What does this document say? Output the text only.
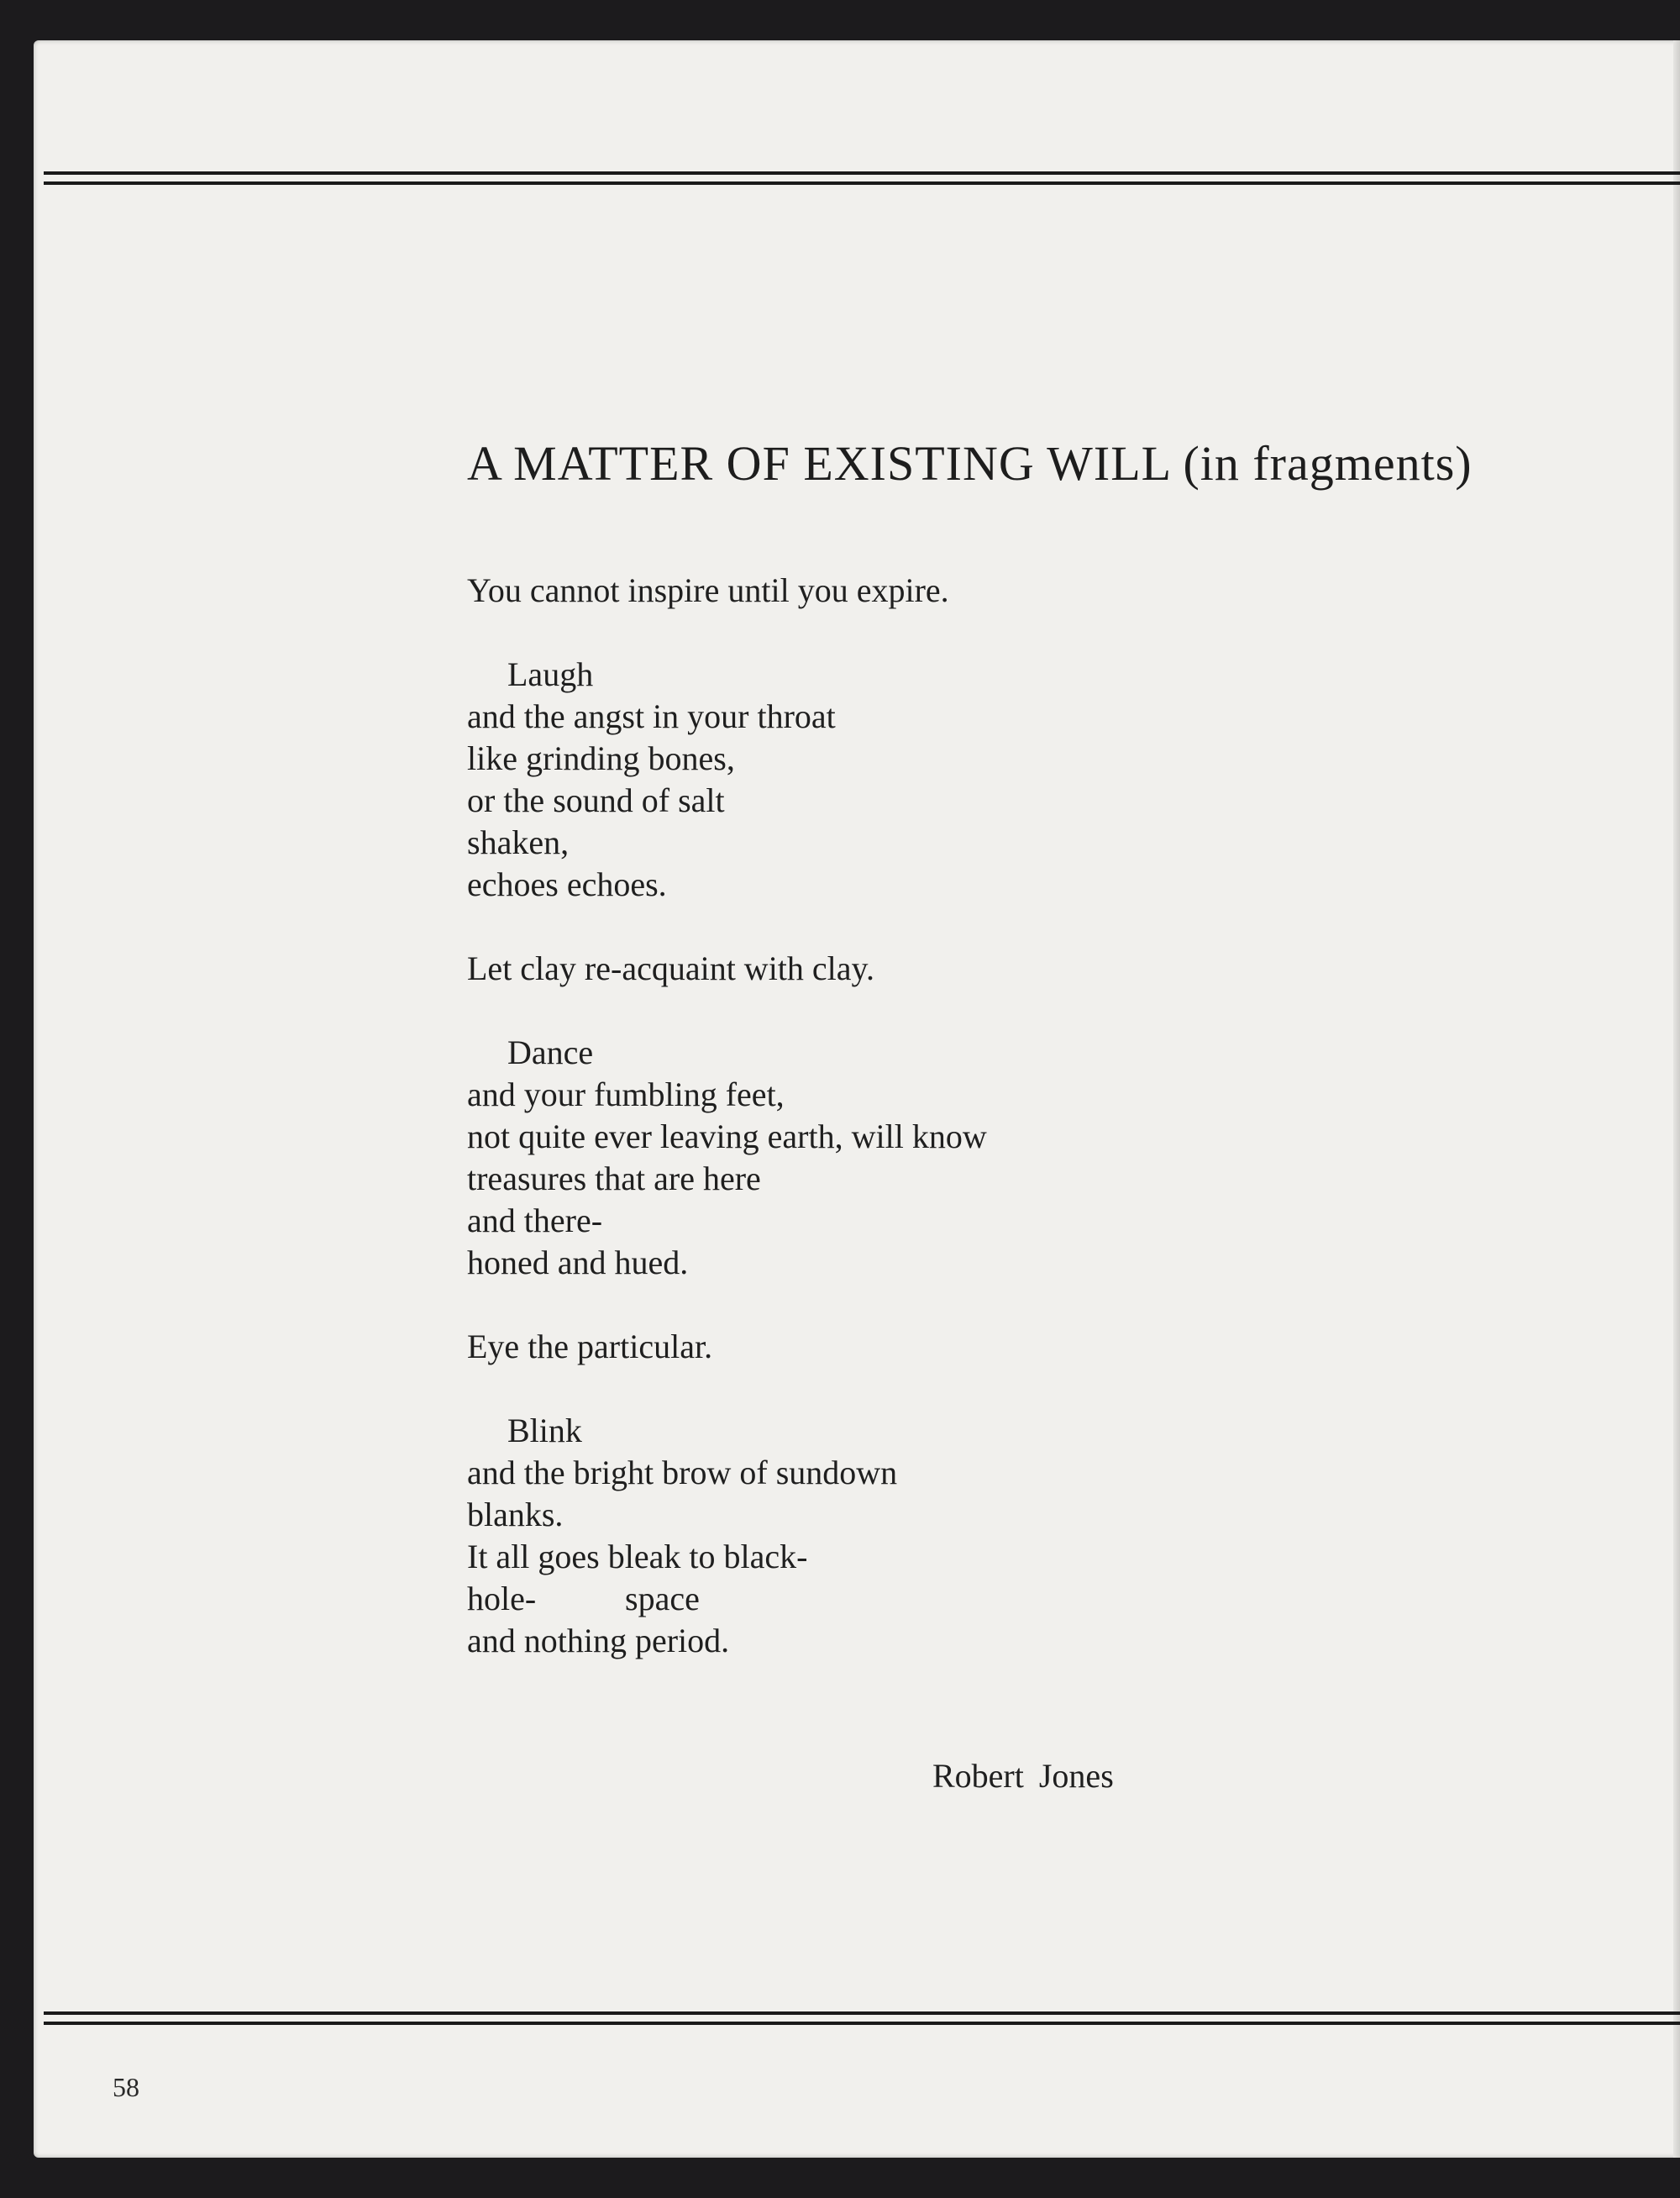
A MATTER OF EXISTING WILL (in fragments)
You cannot inspire until you expire.
Laugh
and the angst in your throat
like grinding bones,
or the sound of salt
shaken,
echoes echoes.
Let clay re-acquaint with clay.
Dance
and your fumbling feet,
not quite ever leaving earth, will know
treasures that are here
and there-
honed and hued.
Eye the particular.
Blink
and the bright brow of sundown
blanks.
It all goes bleak to black-
hole-	space
and nothing period.

Robert Jones

58
